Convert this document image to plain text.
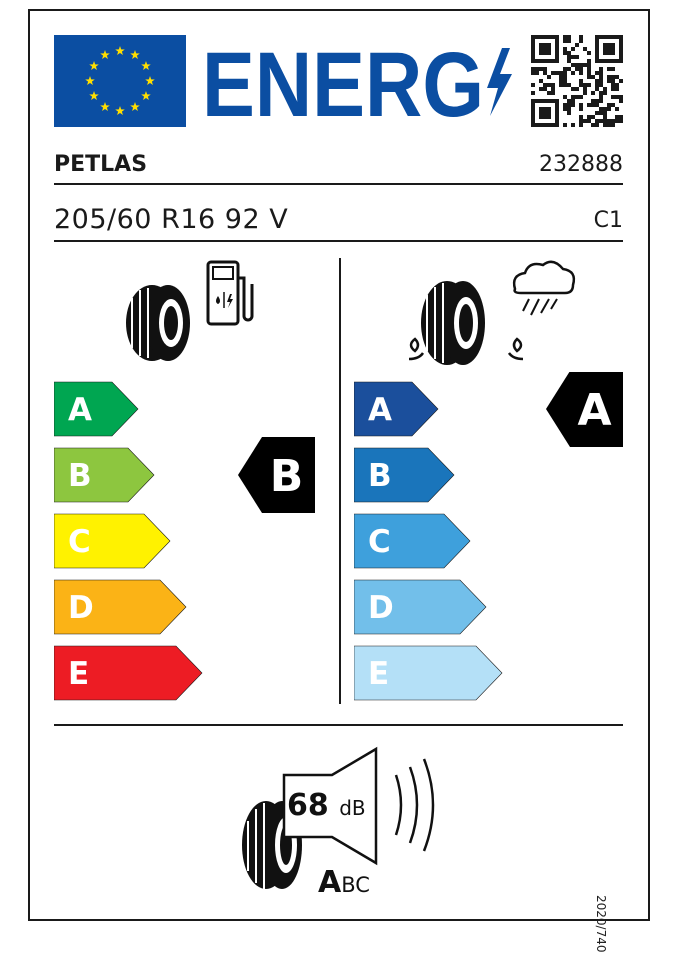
ENERG
PETLAS	232888
205/60 R16 92 V	C1
A
B	B
C
D
E
A	A
B
C
D
E
68 dB
ABC
2020/740
